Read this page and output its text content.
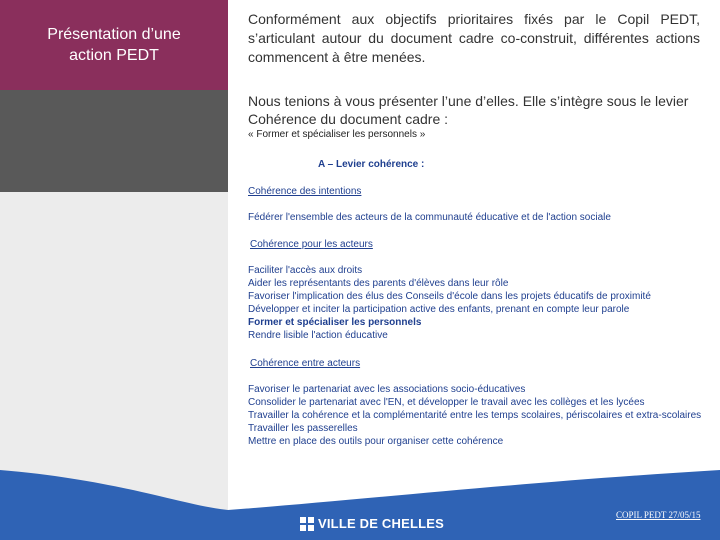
Présentation d’une action PEDT
Conformément aux objectifs prioritaires fixés par le Copil PEDT, s’articulant autour du document cadre co-construit, différentes actions commencent à être menées.
Nous tenions à vous présenter l’une d’elles. Elle s’intègre sous le levier Cohérence du document cadre :
« Former et spécialiser les personnels »
A – Levier cohérence :
Cohérence des intentions
Fédérer l'ensemble des acteurs de la communauté éducative et de l'action sociale
Cohérence pour les acteurs
Faciliter l'accès aux droits
Aider les représentants des parents d'élèves dans leur rôle
Favoriser l'implication des élus des Conseils d'école dans les projets éducatifs de proximité
Développer et inciter la participation active des enfants, prenant en compte leur parole
Former et spécialiser les personnels
Rendre lisible l'action éducative
Cohérence entre acteurs
Favoriser le partenariat avec les associations socio-éducatives
Consolider le partenariat avec l'EN, et développer le travail avec les collèges et les lycées
Travailler la cohérence et la complémentarité entre les temps scolaires, périscolaires et extra-scolaires
Travailler les passerelles
Mettre en place des outils pour organiser cette cohérence
VILLE DE CHELLES
COPIL PEDT 27/05/15
